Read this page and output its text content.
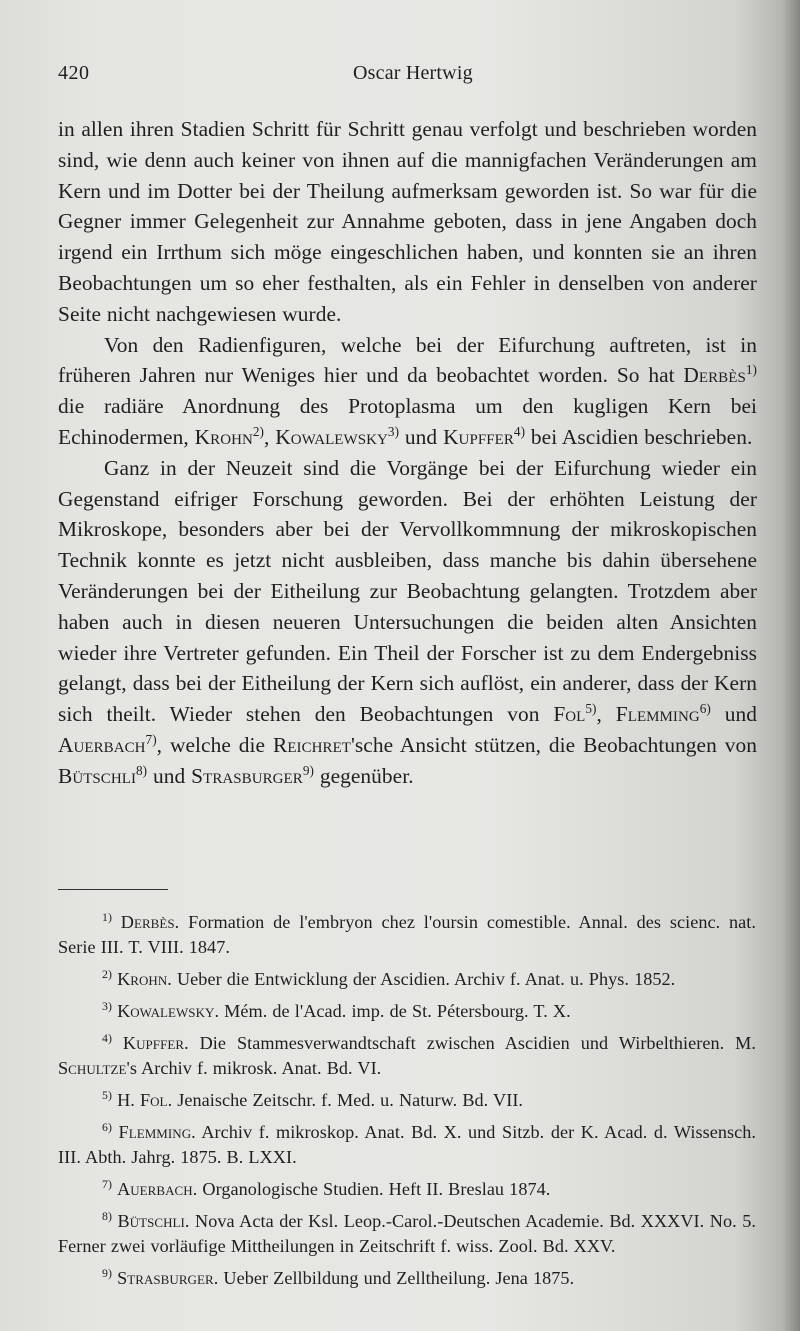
420	Oscar Hertwig

in allen ihren Stadien Schritt für Schritt genau verfolgt und beschrieben worden sind, wie denn auch keiner von ihnen auf die mannigfachen Veränderungen am Kern und im Dotter bei der Theilung aufmerksam geworden ist. So war für die Gegner immer Gelegenheit zur Annahme geboten, dass in jene Angaben doch irgend ein Irrthum sich möge eingeschlichen haben, und konnten sie an ihren Beobachtungen um so eher festhalten, als ein Fehler in denselben von anderer Seite nicht nachgewiesen wurde.

Von den Radienfiguren, welche bei der Eifurchung auftreten, ist in früheren Jahren nur Weniges hier und da beobachtet worden. So hat Derbès$^{1)}$ die radiäre Anordnung des Protoplasma um den kugligen Kern bei Echinodermen, Krohn$^{2)}$, Kowalewsky$^{3)}$ und Kupffer$^{4)}$ bei Ascidien beschrieben.

Ganz in der Neuzeit sind die Vorgänge bei der Eifurchung wieder ein Gegenstand eifriger Forschung geworden. Bei der erhöhten Leistung der Mikroskope, besonders aber bei der Vervollkommnung der mikroskopischen Technik konnte es jetzt nicht ausbleiben, dass manche bis dahin übersehene Veränderungen bei der Eitheilung zur Beobachtung gelangten. Trotzdem aber haben auch in diesen neueren Untersuchungen die beiden alten Ansichten wieder ihre Vertreter gefunden. Ein Theil der Forscher ist zu dem Endergebniss gelangt, dass bei der Eitheilung der Kern sich auflöst, ein anderer, dass der Kern sich theilt. Wieder stehen den Beobachtungen von Fol$^{5)}$, Flemming$^{6)}$ und Auerbach$^{7)}$, welche die Reichret'sche Ansicht stützen, die Beobachtungen von Bütschli$^{8)}$ und Strasburger$^{9)}$ gegenüber.

$^{1)}$ Derbès. Formation de l'embryon chez l'oursin comestible. Annal. des scienc. nat. Serie III. T. VIII. 1847.

$^{2)}$ Krohn. Ueber die Entwicklung der Ascidien. Archiv f. Anat. u. Phys. 1852.

$^{3)}$ Kowalewsky. Mém. de l'Acad. imp. de St. Pétersbourg. T. X.

$^{4)}$ Kupffer. Die Stammesverwandtschaft zwischen Ascidien und Wirbelthieren. M. Schultze's Archiv f. mikrosk. Anat. Bd. VI.

$^{5)}$ H. Fol. Jenaische Zeitschr. f. Med. u. Naturw. Bd. VII.

$^{6)}$ Flemming. Archiv f. mikroskop. Anat. Bd. X. und Sitzb. der K. Acad. d. Wissensch. III. Abth. Jahrg. 1875. B. LXXI.

$^{7)}$ Auerbach. Organologische Studien. Heft II. Breslau 1874.

$^{8)}$ Bütschli. Nova Acta der Ksl. Leop.-Carol.-Deutschen Academie. Bd. XXXVI. No. 5. Ferner zwei vorläufige Mittheilungen in Zeitschrift f. wiss. Zool. Bd. XXV.

$^{9)}$ Strasburger. Ueber Zellbildung und Zelltheilung. Jena 1875.
